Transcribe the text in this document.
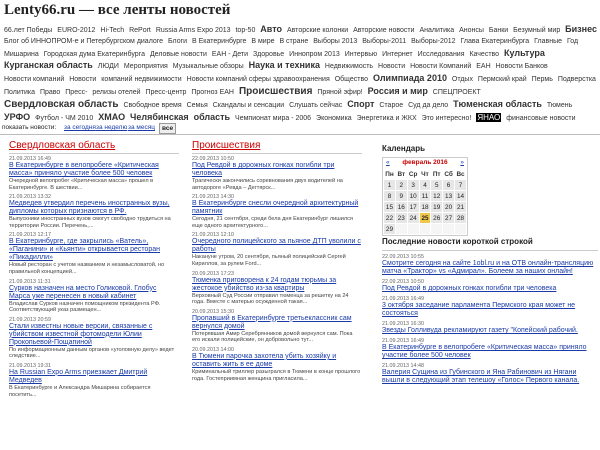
Lenty66.ru — все ленты новостей
66.лет Победы EURO-2012 Hi-Tech RePort Russia Arms Expo 2013 top-50 Авто Авторские колонки Авторские новости Аналитика Анонсы Банки Безумный мир Бизнес Блог об ИННОПРОМ-е и Петербургском диалоге Блоги В Екатеринбурге В мире В стране Выборы 2013 Выборы-2011 Выборы-2012 Глава Екатеринбурга Главные Год Мишарина Городская дума Екатеринбурга Деловые новости ЕАН - Дети Здоровье Иннопром 2013 Интервью Интернет Исследования Качество Культура Курганская область ЛЮДИ Мероприятия Музыкальные обзоры Наука и техника Недвижимость Новости Новости Компаний ЕАН Новости Банков Новости компаний Новости компаний недвижимости Новости компаний сферы здравоохранения Общество Олимпиада 2010 Отдых Пермский край Пермь Подверстка Политика Право Пресс- релизы отелей Пресс-центр Прогноз ЕАН Происшествия Пряной эфир! Россия и мир СПЕЦПРОЕКТ Свердловская область Свободное время Семья Скандалы и сенсации Слушать сейчас Спорт Старое Суд да дело Тюменская область Тюмень УРФО Футбол - ЧМ 2010 ХМАО Челябинская область Чемпионат мира - 2006 Экономика Энергетика и ЖКХ Это интересно! ЯНАО финансовые новости
показать новости: за сегодня за неделю за месяц	все
Свердловская область
21.09.2013 16:49
В Екатеринбурге в велопробеге «Критическая масса» приняло участие более 500 человек
Очередной велопробег «Критическая масса» прошел в Екатеринбурге. В шествии...
21.09.2013 13:32
Медведев утвердил перечень иностранных вузы, дипломы которых признаются в РФ.
Выпускники иностранных вузов смогут свободно трудиться на территории России. Перечень,...
21.09.2013 12:17
В Екатеринбурге, где закрылись «Ватель», «Паганини» и «Кьянти» открывается ресторан «Пикадилли»
Новый ресторан с учетом названием и незамысловатой, но правильной концепцией...
21.09.2013 11:31
Сурков назначен на место Голиковой. Глобус Марса уже перенесен в новый кабинет
Владислав Сурков назначен помощником президента РФ. Соответствующий указ размещен...
21.09.2013 20:59
Стали известны новые версии, связанные с убийством известной фотомодели Юлии Прокопьевой-Пощапиной
По информационным данным органов «уголовную делу» ведет следствие...
21.09.2013 19:31
На Russian Expo Arms приезжает Дмитрий Медведев
В Екатеринбурге и Александра Мишарина собирается посетить...
Происшествия
22.09.2013 10:50
Под Ревдой в дорожных гонках погибли три человека
Трагически закончились соревнования двух водителей на автодороге «Ревда – Дегтярск...
21.09.2013 14:30
В Екатеринбурге снесли очередной архитектурный памятник
Сегодня, 21 сентября, среди бела дня Екатеринбург лишился еще одного архитектурного...
21.09.2013 12:10
Очередного полицейского за пьяное ДТП уволили с работы
Накануне утром, 20 сентября, пьяный полицейский Сергей Кириллов, за рулем Ford...
20.09.2013 17:23
Тюменка приговорена к 24 годам тюрьмы за жестокое убийство из-за квартиры
Верховный Суд России отправил тюменца за решетку на 24 года. Вместе с матерью осужденной такая...
20.09.2013 15:30
Пропавший в Екатеринбурге третьеклассник сам вернулся домой
Потерявшая Амир Серебрянников домой вернулся сам. Пока его искали полицейские, он добровольно тут...
20.09.2013 14:00
В Тюмени парочка захотела убить хозяйку и оставить жить в ее доме
Криминальный триллер разыгрался в Тюмени в конце прошлого года. Гостеприимная женщина пригласила...
Календарь
«	февраль 2016	»
Пн	Вт	Ср	Чт	Пт	Сб	Вс
1	2	3	4	5	6	7
8	9	10	11	12	13	14
15	16	17	18	19	20	21
22	23	24	25	26	27	28
29						
Последние новости короткой строкой
22.09.2013 10:55
Смотрите сегодня на сайте 1obl.ru и на OTB онлайн-трансляцию матча «Трактор» vs «Адмирал». Болеем за наших онлайн!
22.09.2013 10:50
Под Ревдой в дорожных гонках погибли три человека
21.09.2013 16:49
3 октября заседание парламента Пермского края может не состояться
21.09.2013 16:30
Звезды Голливуда рекламируют газету "Копейский рабочий.
21.09.2013 16:49
В Екатеринбурге в велопробеге «Критическая масса» приняло участие более 500 человек
21.09.2013 14:48
Валерия Сущина из Губинского и Яна Рабинович из Нягани вышли в следующий этап телешоу «Голос» Первого канала.
